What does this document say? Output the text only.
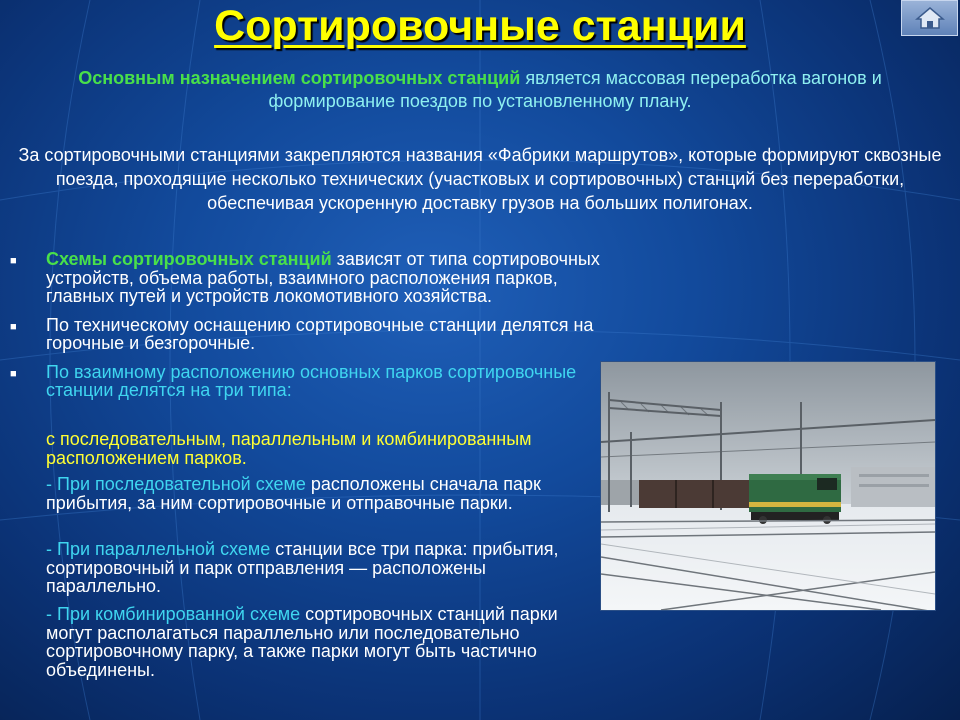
Сортировочные станции
Основным назначением сортировочных станций является массовая переработка вагонов и формирование поездов по установленному плану.
За сортировочными станциями закрепляются названия «Фабрики маршрутов», которые формируют сквозные поезда, проходящие несколько технических (участковых и сортировочных) станций без переработки, обеспечивая ускоренную доставку грузов на больших полигонах.
■ Схемы сортировочных станций зависят от типа сортировочных устройств, объема работы, взаимного расположения парков, главных путей и устройств локомотивного хозяйства.
■ По техническому оснащению сортировочные станции делятся на горочные и безгорочные.
■ По взаимному расположению основных парков сортировочные станции делятся на три типа:

с последовательным, параллельным и комбинированным расположением парков.

- При последовательной схеме расположены сначала парк прибытия, за ним сортировочные и отправочные парки.

- При параллельной схеме станции все три парка: прибытия, сортировочный и парк отправления — расположены параллельно.

- При комбинированной схеме сортировочных станций парки могут располагаться параллельно или последовательно сортировочному парку, а также парки могут быть частично объединены.
